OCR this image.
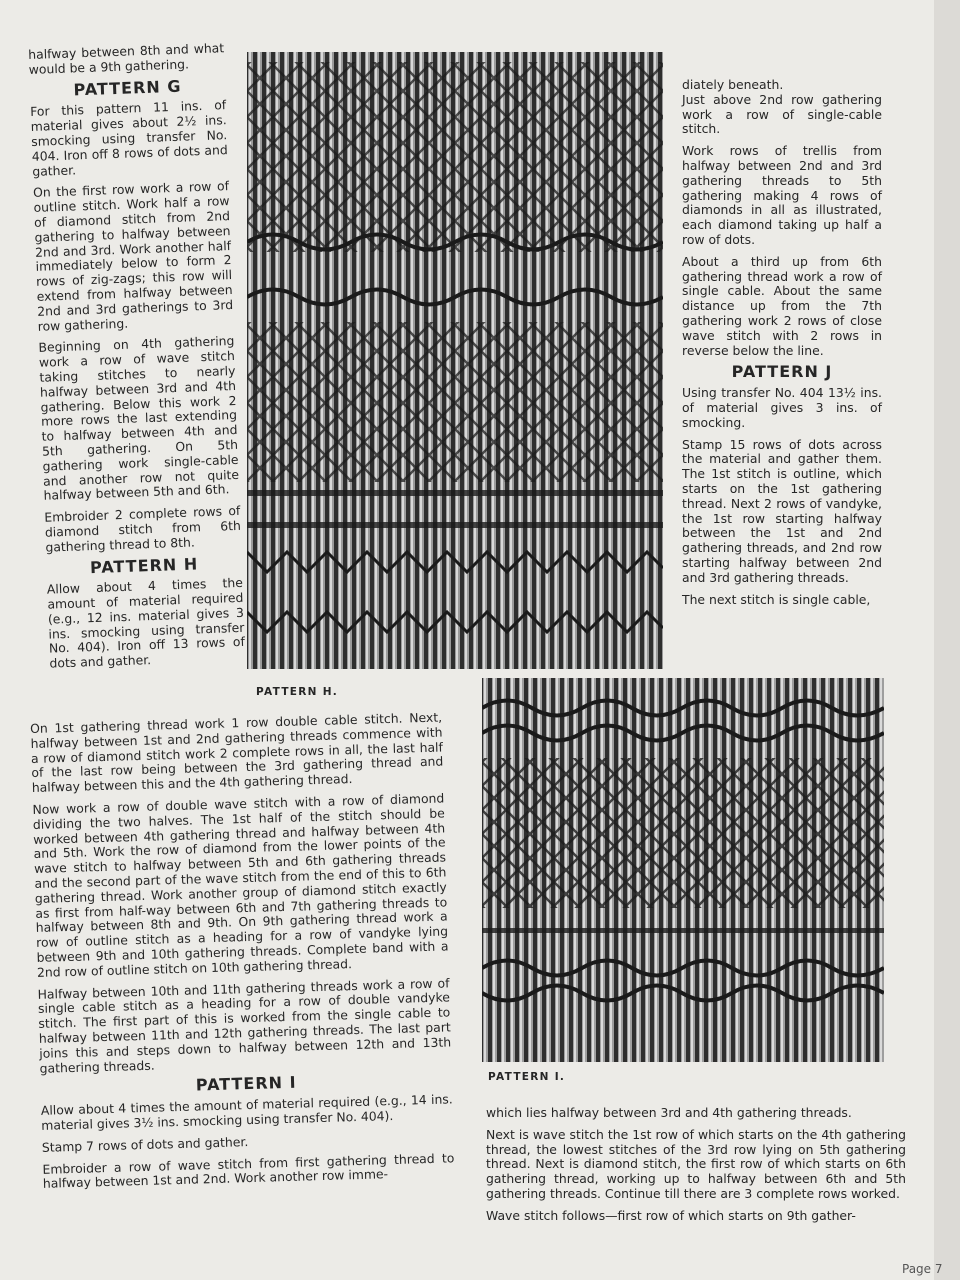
halfway between 8th and what would be a 9th gathering.

PATTERN G

For this pattern 11 ins. of material gives about 2½ ins. smocking using transfer No. 404. Iron off 8 rows of dots and gather.

On the first row work a row of outline stitch. Work half a row of diamond stitch from 2nd gathering to halfway between 2nd and 3rd. Work another half immediately below to form 2 rows of zig-zags; this row will extend from halfway between 2nd and 3rd gatherings to 3rd row gathering.

Beginning on 4th gathering work a row of wave stitch taking stitches to nearly halfway between 3rd and 4th gathering. Below this work 2 more rows the last extending to halfway between 4th and 5th gathering. On 5th gathering work single-cable and another row not quite halfway between 5th and 6th.

Embroider 2 complete rows of diamond stitch from 6th gathering thread to 8th.

PATTERN H

Allow about 4 times the amount of material required (e.g., 12 ins. material gives 3 ins. smocking using transfer No. 404). Iron off 13 rows of dots and gather.

PATTERN H.

diately beneath.

Just above 2nd row gathering work a row of single-cable stitch.

Work rows of trellis from halfway between 2nd and 3rd gathering threads to 5th gathering making 4 rows of diamonds in all as illustrated, each diamond taking up half a row of dots.

About a third up from 6th gathering thread work a row of single cable. About the same distance up from the 7th gathering work 2 rows of close wave stitch with 2 rows in reverse below the line.

PATTERN J

Using transfer No. 404 13½ ins. of material gives 3 ins. of smocking.

Stamp 15 rows of dots across the material and gather them. The 1st stitch is outline, which starts on the 1st gathering thread. Next 2 rows of vandyke, the 1st row starting halfway between the 1st and 2nd gathering threads, and 2nd row starting halfway between 2nd and 3rd gathering threads.

The next stitch is single cable,

PATTERN I.

On 1st gathering thread work 1 row double cable stitch. Next, halfway between 1st and 2nd gathering threads commence with a row of diamond stitch work 2 complete rows in all, the last half of the last row being between the 3rd gathering thread and halfway between this and the 4th gathering thread.

Now work a row of double wave stitch with a row of diamond dividing the two halves. The 1st half of the stitch should be worked between 4th gathering thread and halfway between 4th and 5th. Work the row of diamond from the lower points of the wave stitch to halfway between 5th and 6th gathering threads and the second part of the wave stitch from the end of this to 6th gathering thread. Work another group of diamond stitch exactly as first from half-way between 6th and 7th gathering threads to halfway between 8th and 9th. On 9th gathering thread work a row of outline stitch as a heading for a row of vandyke lying between 9th and 10th gathering threads. Complete band with a 2nd row of outline stitch on 10th gathering thread.

Halfway between 10th and 11th gathering threads work a row of single cable stitch as a heading for a row of double vandyke stitch. The first part of this is worked from the single cable to halfway between 11th and 12th gathering threads. The last part joins this and steps down to halfway between 12th and 13th gathering threads.

PATTERN I

Allow about 4 times the amount of material required (e.g., 14 ins. material gives 3½ ins. smocking using transfer No. 404).

Stamp 7 rows of dots and gather.

Embroider a row of wave stitch from first gathering thread to halfway between 1st and 2nd. Work another row imme-

which lies halfway between 3rd and 4th gathering threads.

Next is wave stitch the 1st row of which starts on the 4th gathering thread, the lowest stitches of the 3rd row lying on 5th gathering thread. Next is diamond stitch, the first row of which starts on 6th gathering thread, working up to halfway between 6th and 5th gathering threads. Continue till there are 3 complete rows worked.

Wave stitch follows—first row of which starts on 9th gather-

Page 7
